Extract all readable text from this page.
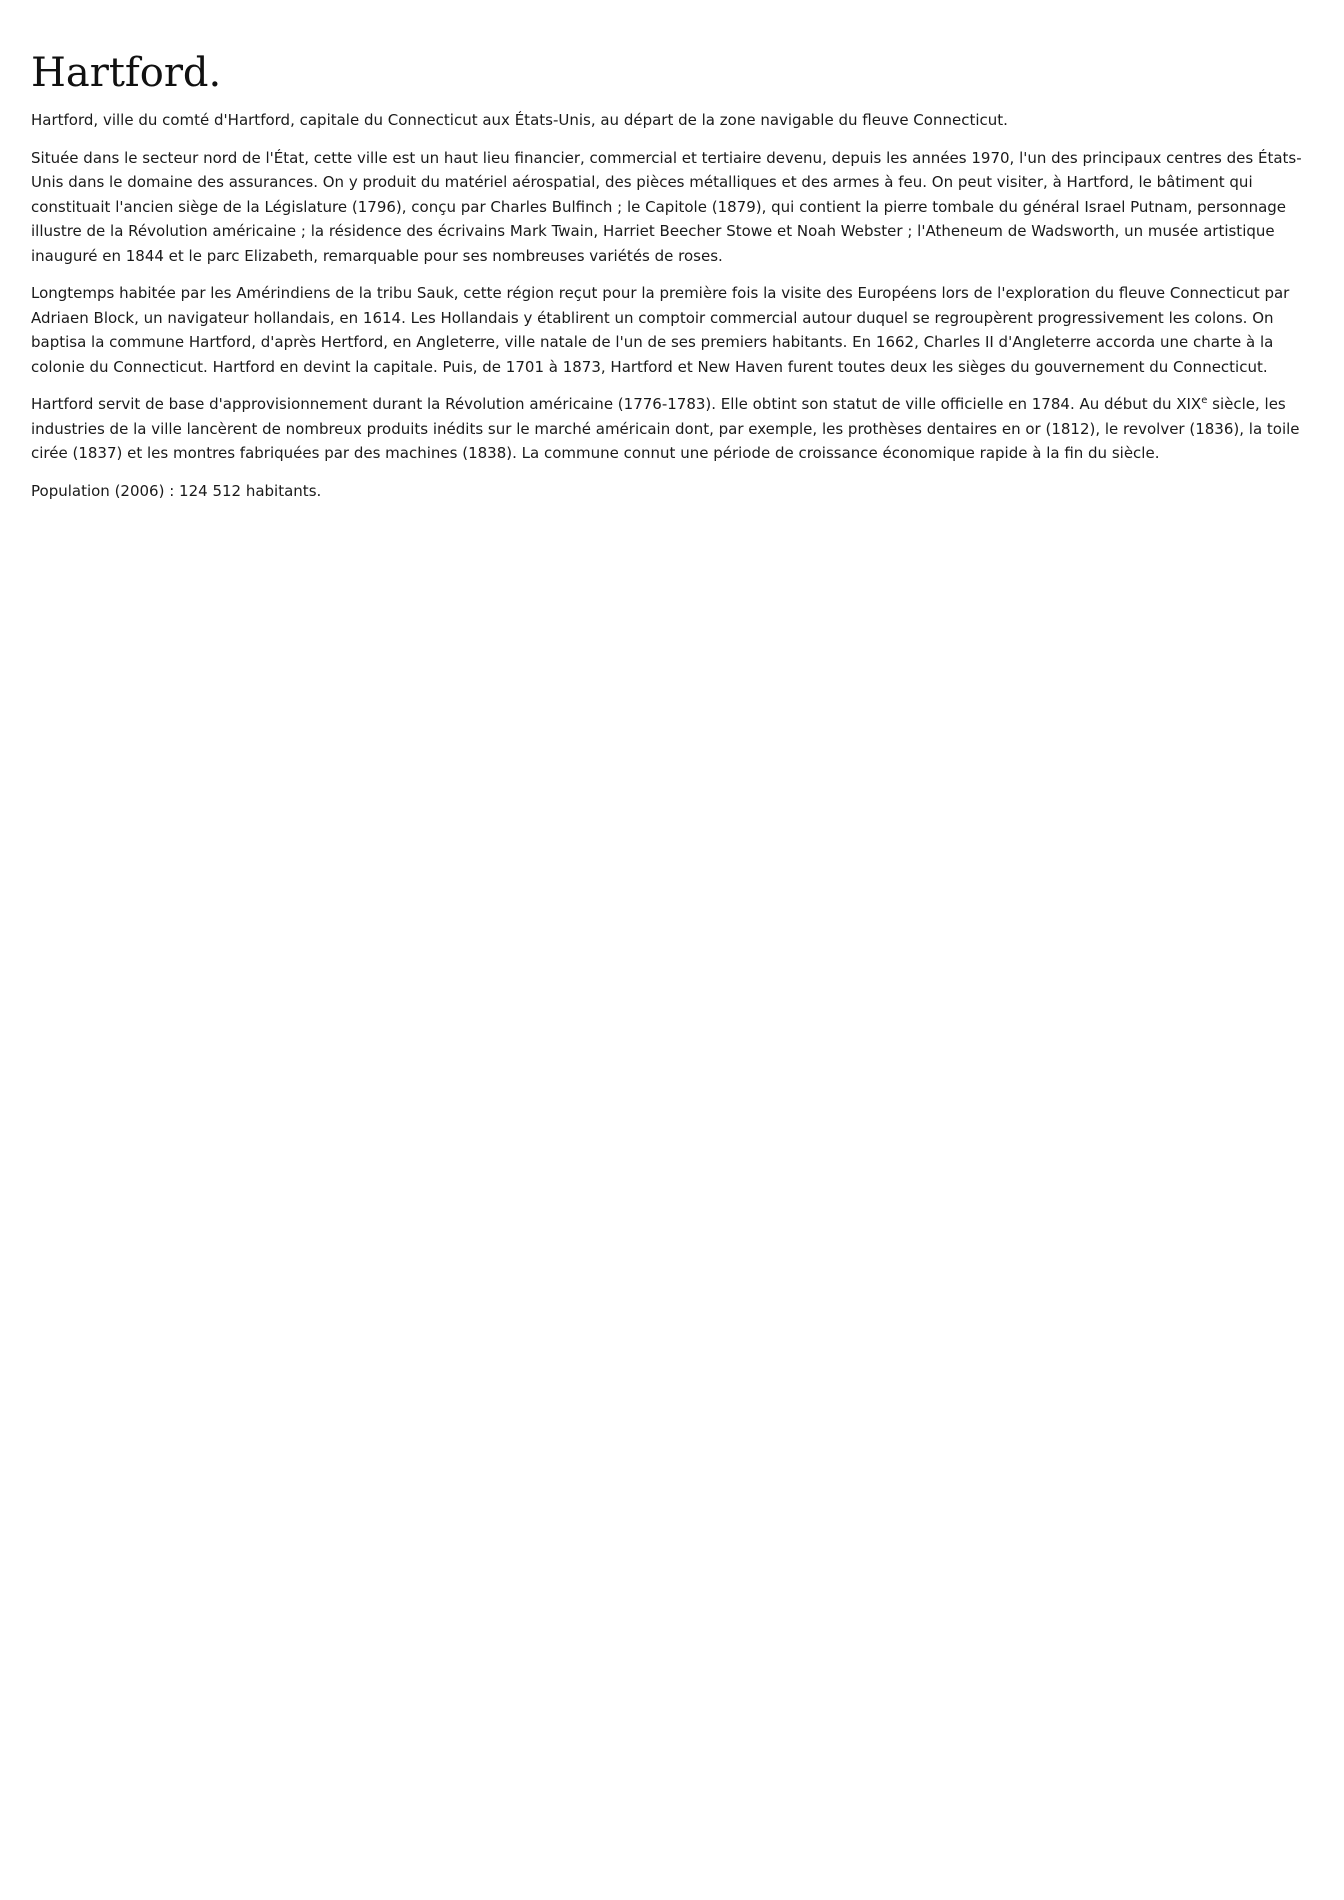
Hartford.

Hartford, ville du comté d'Hartford, capitale du Connecticut aux États-Unis, au départ de la zone navigable du fleuve Connecticut.

Située dans le secteur nord de l'État, cette ville est un haut lieu financier, commercial et tertiaire devenu, depuis les années 1970, l'un des principaux centres des États-Unis dans le domaine des assurances. On y produit du matériel aérospatial, des pièces métalliques et des armes à feu. On peut visiter, à Hartford, le bâtiment qui constituait l'ancien siège de la Législature (1796), conçu par Charles Bulfinch ; le Capitole (1879), qui contient la pierre tombale du général Israel Putnam, personnage illustre de la Révolution américaine ; la résidence des écrivains Mark Twain, Harriet Beecher Stowe et Noah Webster ; l'Atheneum de Wadsworth, un musée artistique inauguré en 1844 et le parc Elizabeth, remarquable pour ses nombreuses variétés de roses.

Longtemps habitée par les Amérindiens de la tribu Sauk, cette région reçut pour la première fois la visite des Européens lors de l'exploration du fleuve Connecticut par Adriaen Block, un navigateur hollandais, en 1614. Les Hollandais y établirent un comptoir commercial autour duquel se regroupèrent progressivement les colons. On baptisa la commune Hartford, d'après Hertford, en Angleterre, ville natale de l'un de ses premiers habitants. En 1662, Charles II d'Angleterre accorda une charte à la colonie du Connecticut. Hartford en devint la capitale. Puis, de 1701 à 1873, Hartford et New Haven furent toutes deux les sièges du gouvernement du Connecticut.

Hartford servit de base d'approvisionnement durant la Révolution américaine (1776-1783). Elle obtint son statut de ville officielle en 1784. Au début du XIXe siècle, les industries de la ville lancèrent de nombreux produits inédits sur le marché américain dont, par exemple, les prothèses dentaires en or (1812), le revolver (1836), la toile cirée (1837) et les montres fabriquées par des machines (1838). La commune connut une période de croissance économique rapide à la fin du siècle.

Population (2006) : 124 512 habitants.
